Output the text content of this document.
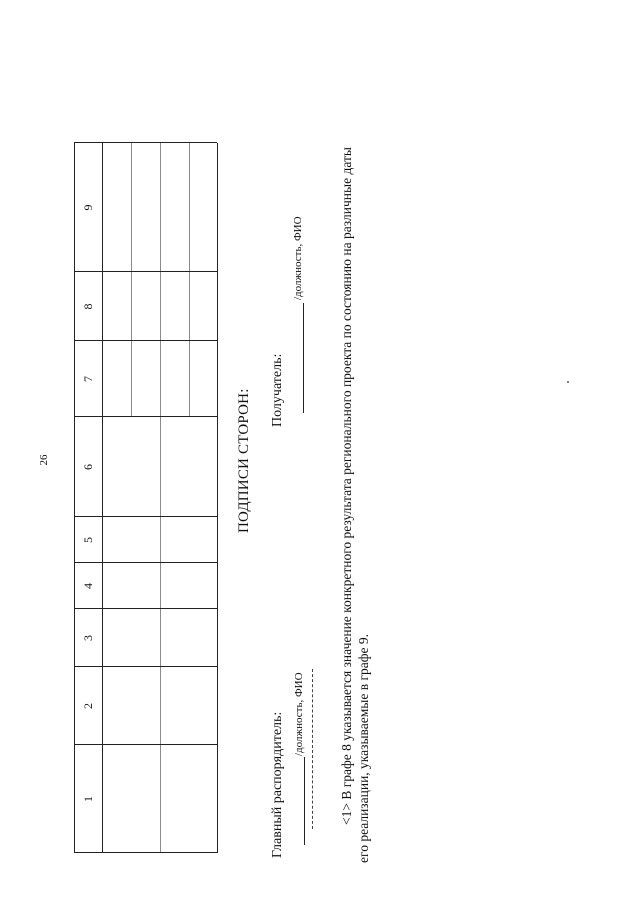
26
1
2
3
4
5
6
7
8
9
ПОДПИСИ СТОРОН:
Главный распорядитель: /должность, ФИО
Получатель:
/должность, ФИО	<1> В графе 8 указывается значение конкретного результата регионального проекта по состоянию на различные даты его реализации, указываемые в графе 9.
